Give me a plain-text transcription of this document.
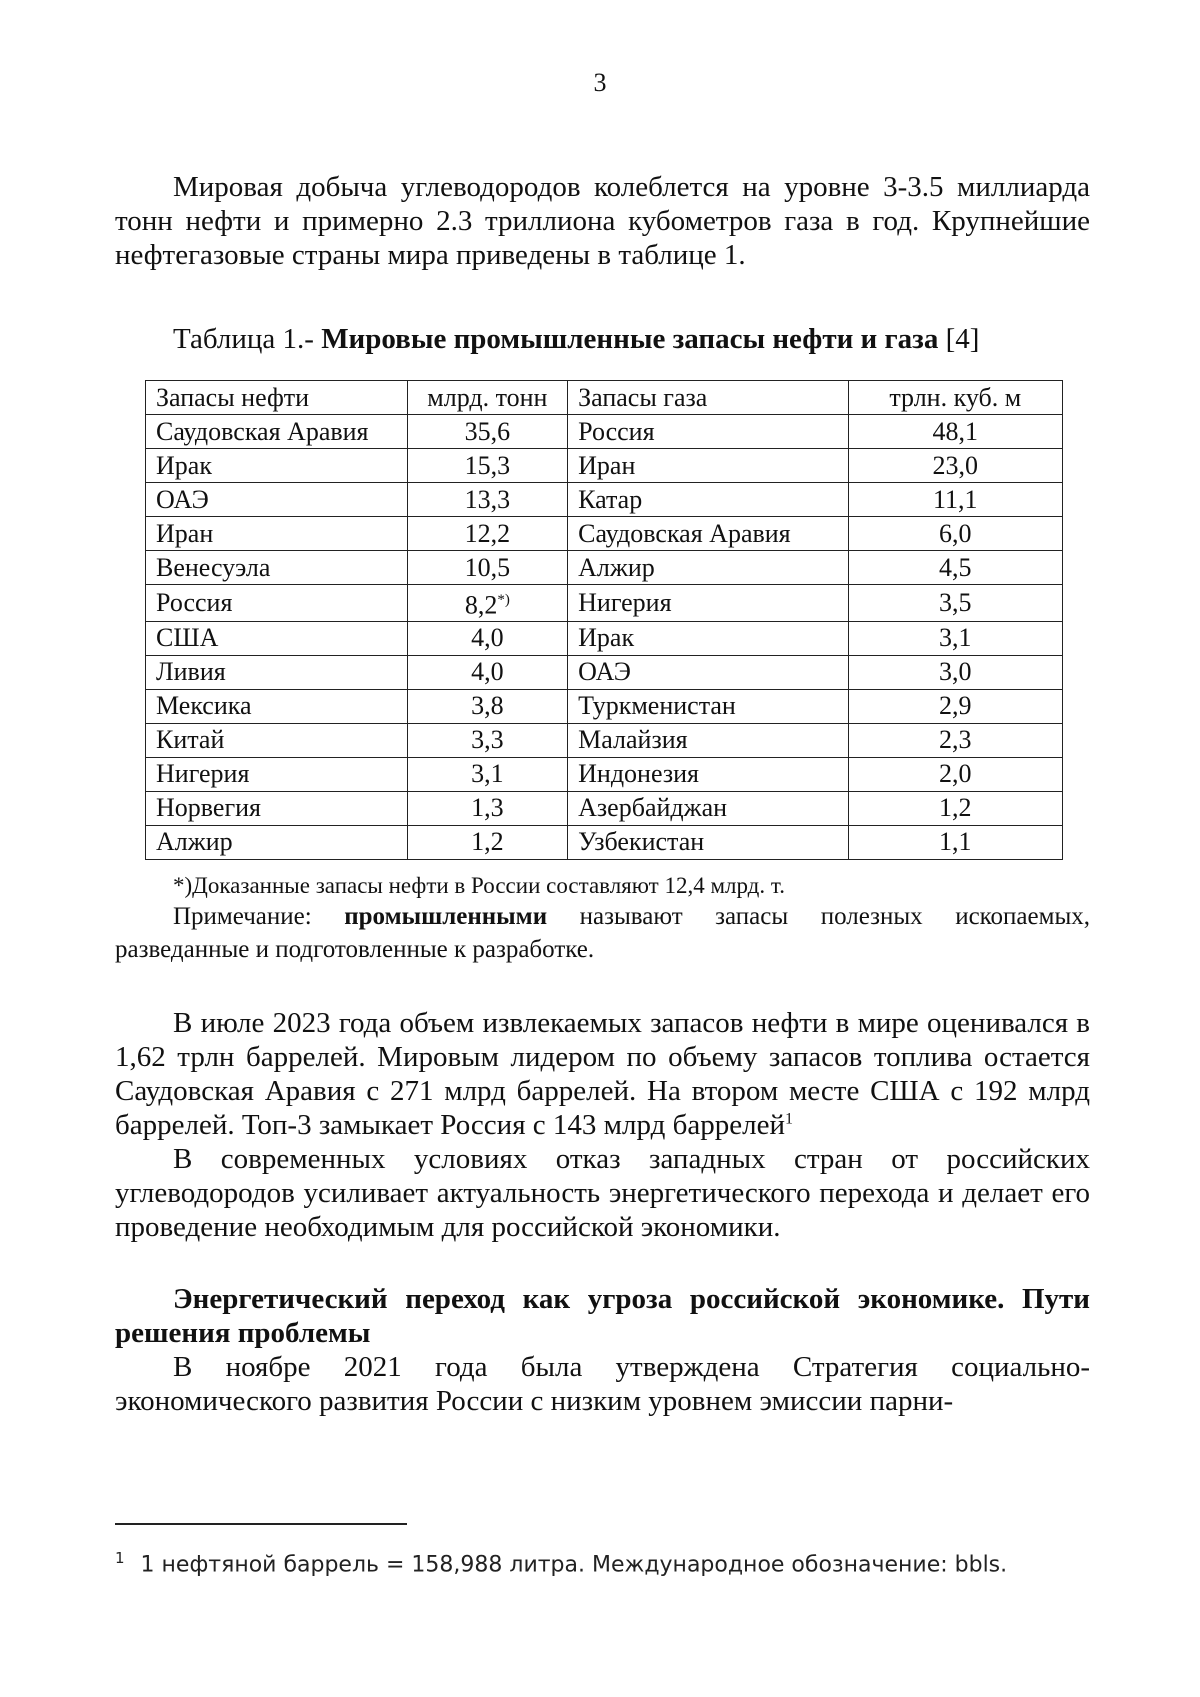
3

Мировая добыча углеводородов колеблется на уровне 3-3.5 миллиарда тонн нефти и примерно 2.3 триллиона кубометров газа в год. Крупнейшие нефтегазовые страны мира приведены в таблице 1.

Таблица 1.- Мировые промышленные запасы нефти и газа [4]
Запасы нефти	млрд. тонн	Запасы газа	трлн. куб. м
Саудовская Аравия	35,6	Россия	48,1
Ирак	15,3	Иран	23,0
ОАЭ	13,3	Катар	11,1
Иран	12,2	Саудовская Аравия	6,0
Венесуэла	10,5	Алжир	4,5
Россия	8,2*)	Нигерия	3,5
США	4,0	Ирак	3,1
Ливия	4,0	ОАЭ	3,0
Мексика	3,8	Туркменистан	2,9
Китай	3,3	Малайзия	2,3
Нигерия	3,1	Индонезия	2,0
Норвегия	1,3	Азербайджан	1,2
Алжир	1,2	Узбекистан	1,1
*)Доказанные запасы нефти в России составляют 12,4 млрд. т.

Примечание: промышленными называют запасы полезных ископаемых, разведанные и подготовленные к разработке.

В июле 2023 года объем извлекаемых запасов нефти в мире оценивался в 1,62 трлн баррелей. Мировым лидером по объему запасов топлива остается Саудовская Аравия с 271 млрд баррелей. На втором месте США с 192 млрд баррелей. Топ-3 замыкает Россия с 143 млрд баррелей$^1$

В современных условиях отказ западных стран от российских углеводородов усиливает актуальность энергетического перехода и делает его проведение необходимым для российской экономики.

Энергетический переход как угроза российской экономике. Пути решения проблемы

В ноябре 2021 года была утверждена Стратегия социально-экономического развития России с низким уровнем эмиссии парни-

$^1$ 1 нефтяной баррель = 158,988 литра. Международное обозначение: bbls.
